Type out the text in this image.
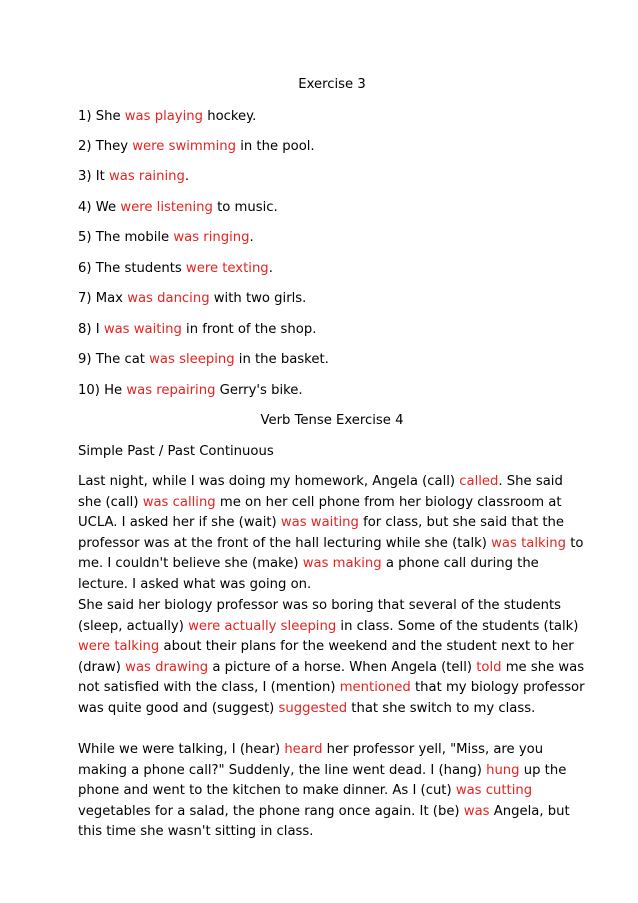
Exercise 3
1) She was playing hockey.
2) They were swimming in the pool.
3) It was raining.
4) We were listening to music.
5) The mobile was ringing.
6) The students were texting.
7) Max was dancing with two girls.
8) I was waiting in front of the shop.
9) The cat was sleeping in the basket.
10) He was repairing Gerry's bike.
Verb Tense Exercise 4
Simple Past / Past Continuous
Last night, while I was doing my homework, Angela (call) called. She said
she (call) was calling me on her cell phone from her biology classroom at
UCLA. I asked her if she (wait) was waiting for class, but she said that the
professor was at the front of the hall lecturing while she (talk) was talking to
me. I couldn't believe she (make) was making a phone call during the
lecture. I asked what was going on.
She said her biology professor was so boring that several of the students
(sleep, actually) were actually sleeping in class. Some of the students (talk)
were talking about their plans for the weekend and the student next to her
(draw) was drawing a picture of a horse. When Angela (tell) told me she was
not satisfied with the class, I (mention) mentioned that my biology professor
was quite good and (suggest) suggested that she switch to my class.
While we were talking, I (hear) heard her professor yell, "Miss, are you
making a phone call?" Suddenly, the line went dead. I (hang) hung up the
phone and went to the kitchen to make dinner. As I (cut) was cutting
vegetables for a salad, the phone rang once again. It (be) was Angela, but
this time she wasn't sitting in class.
